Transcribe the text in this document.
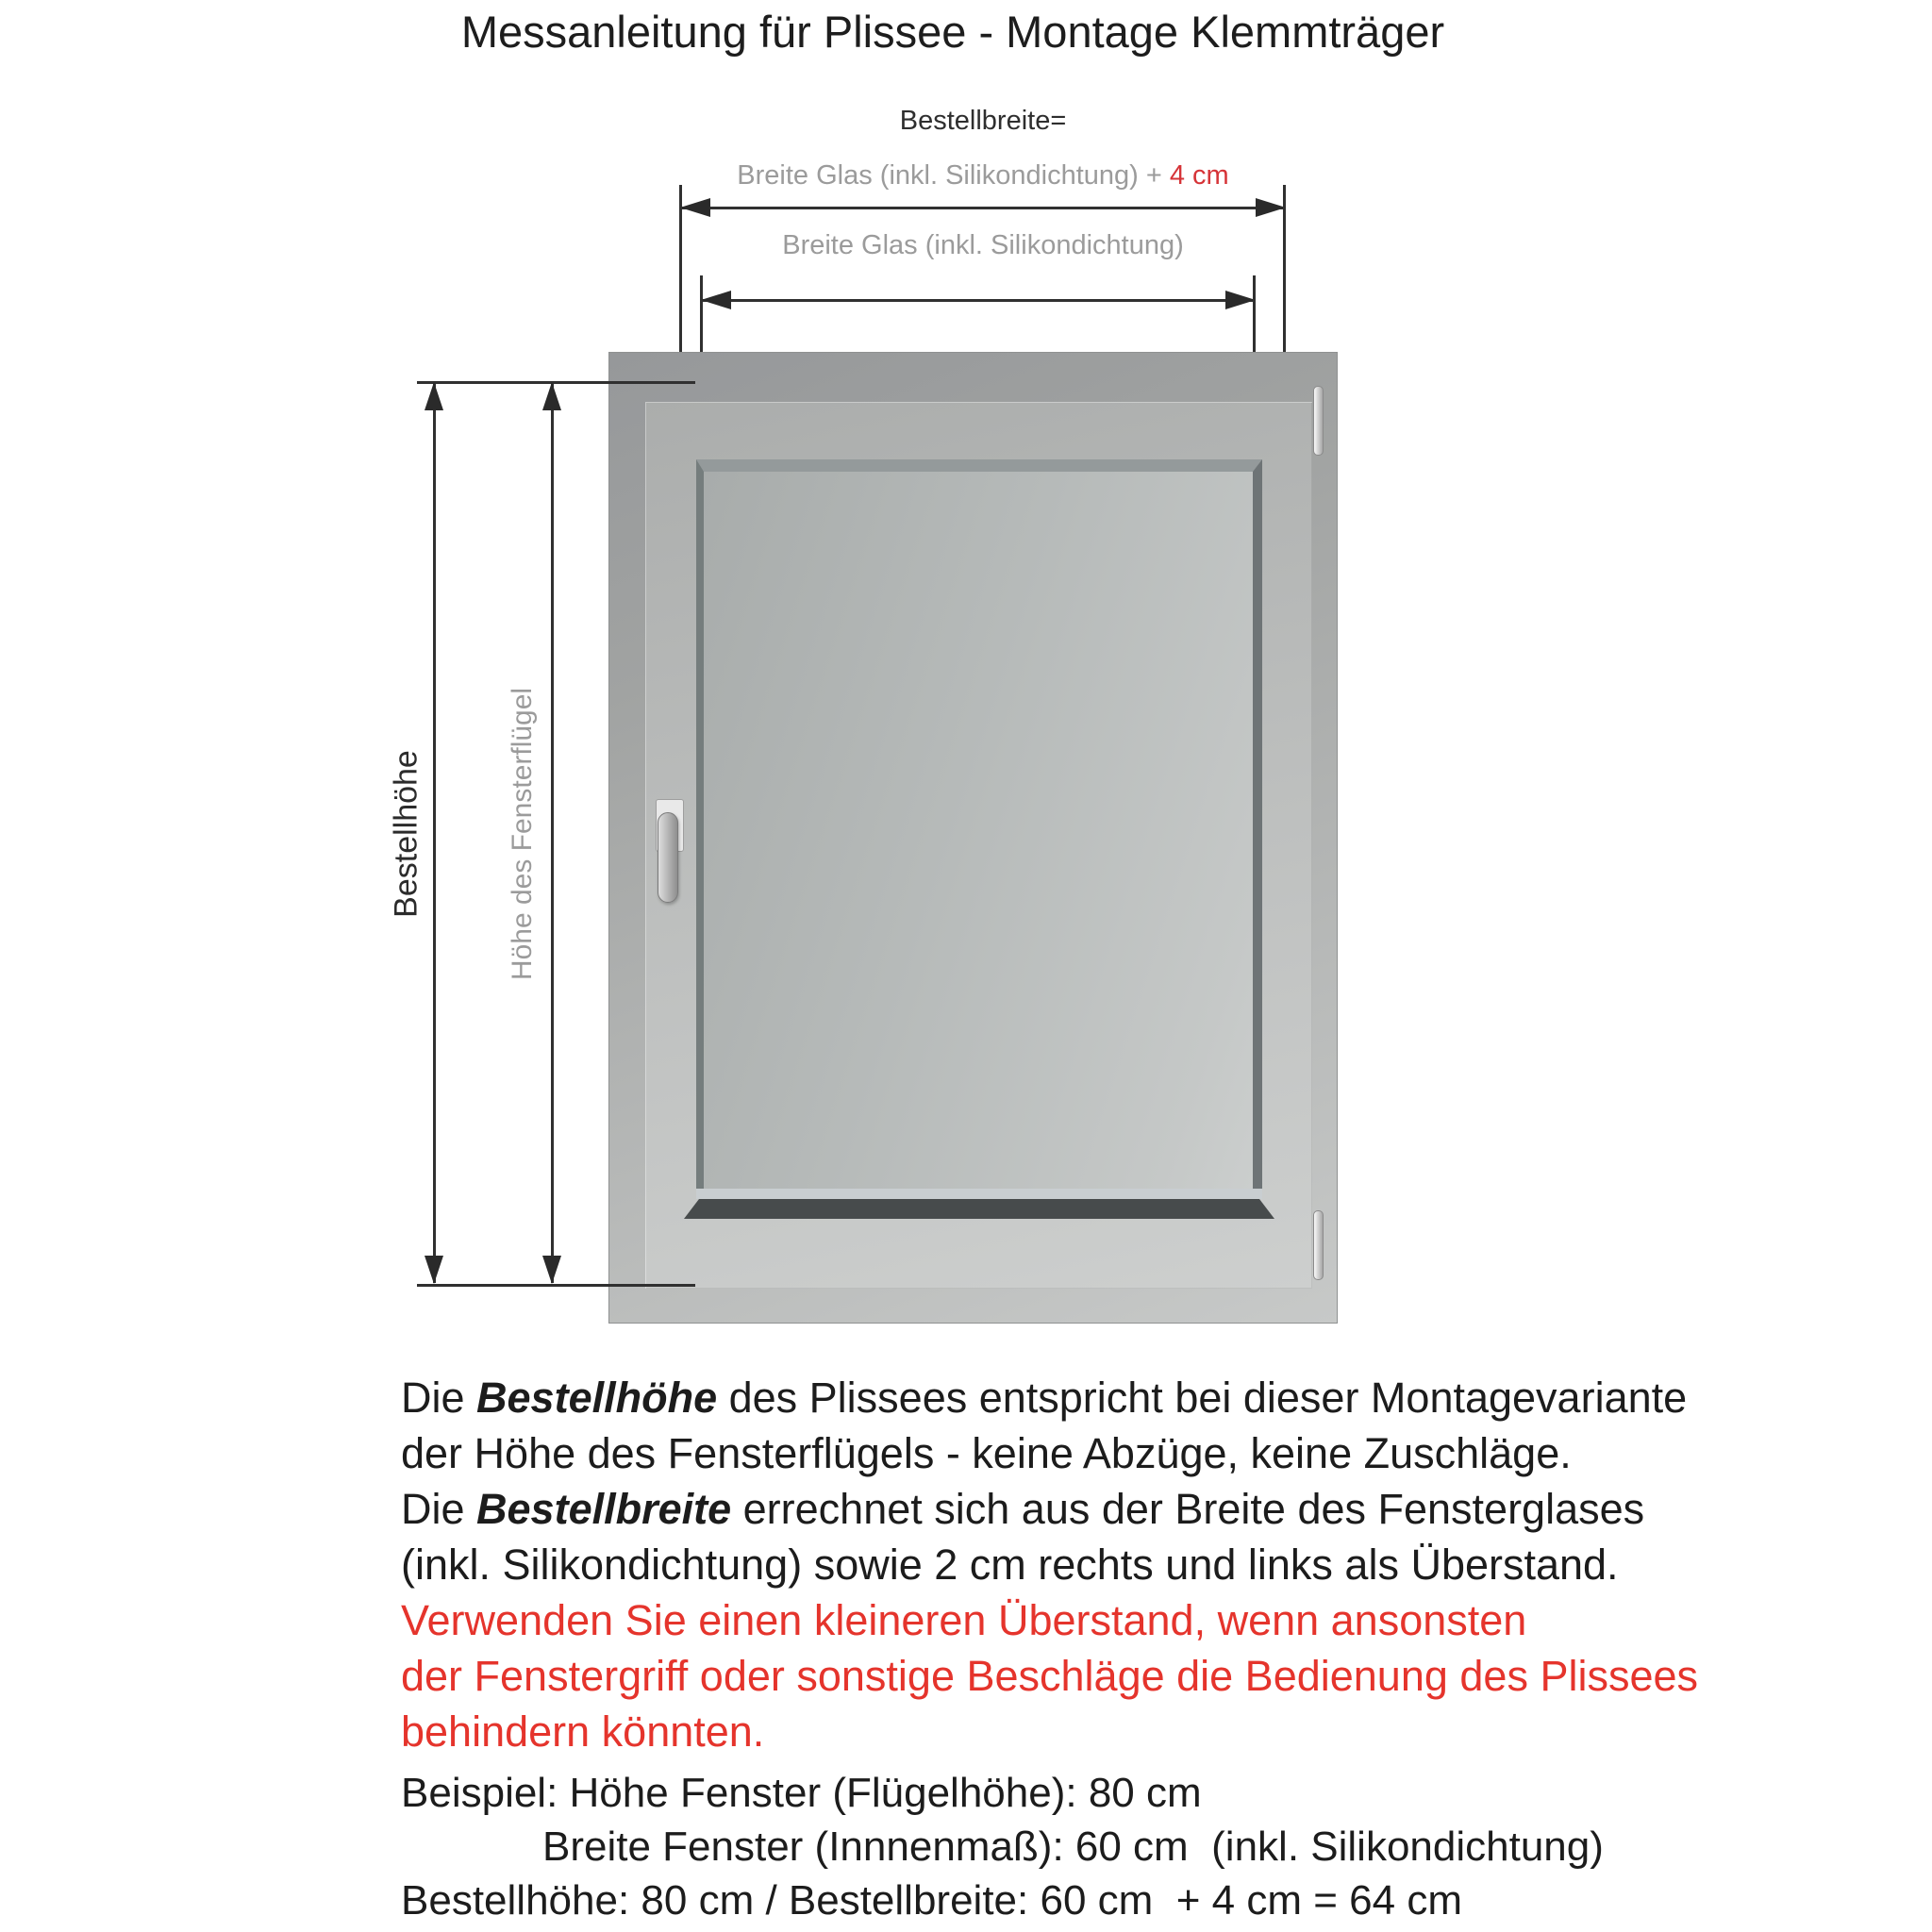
Messanleitung für Plissee - Montage Klemmträger
Bestellbreite=
Breite Glas (inkl. Silikondichtung) + 4 cm
Breite Glas (inkl. Silikondichtung)
Bestellhöhe	Höhe des Fensterflügel
Die Bestellhöhe des Plissees entspricht bei dieser Montagevariante
der Höhe des Fensterflügels - keine Abzüge, keine Zuschläge.
Die Bestellbreite errechnet sich aus der Breite des Fensterglases
(inkl. Silikondichtung) sowie 2 cm rechts und links als Überstand.
Verwenden Sie einen kleineren Überstand, wenn ansonsten
der Fenstergriff oder sonstige Beschläge die Bedienung des Plissees
behindern könnten.
Beispiel: Höhe Fenster (Flügelhöhe): 80 cm
Breite Fenster (Innnenmaß): 60 cm  (inkl. Silikondichtung)
Bestellhöhe: 80 cm / Bestellbreite: 60 cm  + 4 cm = 64 cm
